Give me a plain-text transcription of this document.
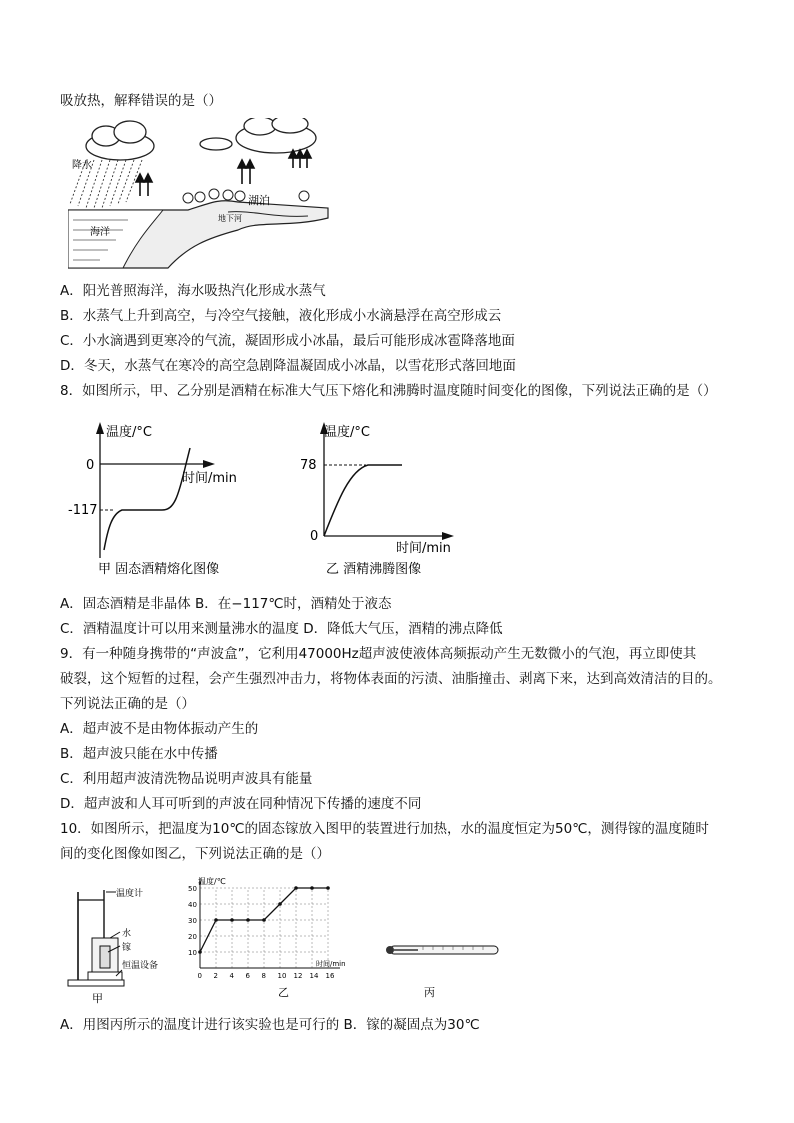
吸放热，解释错误的是（）
降水
海洋
湖泊
地下河
A．阳光普照海洋，海水吸热汽化形成水蒸气
B．水蒸气上升到高空，与冷空气接触，液化形成小水滴悬浮在高空形成云
C．小水滴遇到更寒冷的气流，凝固形成小冰晶，最后可能形成冰雹降落地面
D．冬天，水蒸气在寒冷的高空急剧降温凝固成小冰晶，以雪花形式落回地面
8．如图所示，甲、乙分别是酒精在标准大气压下熔化和沸腾时温度随时间变化的图像，下列说法正确的是（）
温度/°C
时间/min
0
-117
甲 固态酒精熔化图像
温度/°C
时间/min
78
0
乙 酒精沸腾图像
A．固态酒精是非晶体 B．在−117℃时，酒精处于液态
C．酒精温度计可以用来测量沸水的温度 D．降低大气压，酒精的沸点降低
9．有一种随身携带的“声波盒”，它利用47000Hz超声波使液体高频振动产生无数微小的气泡，再立即使其
破裂，这个短暂的过程，会产生强烈冲击力，将物体表面的污渍、油脂撞击、剥离下来，达到高效清洁的目的。
下列说法正确的是（）
A．超声波不是由物体振动产生的
B．超声波只能在水中传播
C．利用超声波清洗物品说明声波具有能量
D．超声波和人耳可听到的声波在同种情况下传播的速度不同
10．如图所示，把温度为10℃的固态镓放入图甲的装置进行加热，水的温度恒定为50℃，测得镓的温度随时
间的变化图像如图乙，下列说法正确的是（）
温度计
水
镓
恒温设备
甲
温度/℃
时间/min
乙
0 2 4 6 8 10 12 14 16
50
40
30
20
10
丙
A．用图丙所示的温度计进行该实验也是可行的 B．镓的凝固点为30℃
